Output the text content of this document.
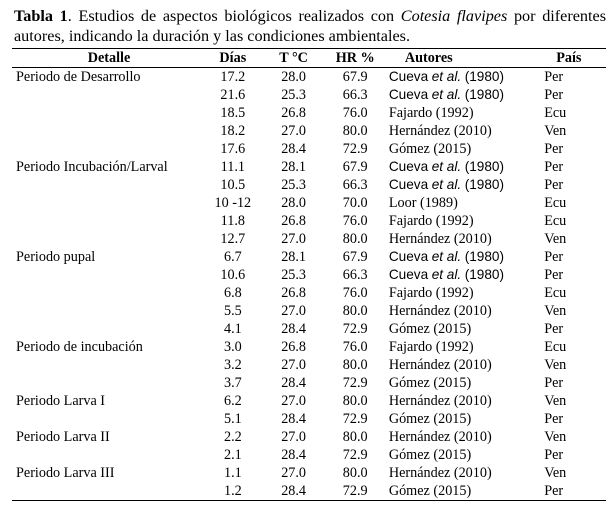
Tabla 1. Estudios de aspectos biológicos realizados con Cotesia flavipes por diferentes autores, indicando la duración y las condiciones ambientales.
Detalle	Días	T °C	HR %	Autores	País
Periodo de Desarrollo	17.2	28.0	67.9	Cueva et al. (1980)	Per
	21.6	25.3	66.3	Cueva et al. (1980)	Per
	18.5	26.8	76.0	Fajardo (1992)	Ecu
	18.2	27.0	80.0	Hernández (2010)	Ven
	17.6	28.4	72.9	Gómez (2015)	Per
Periodo Incubación/Larval	11.1	28.1	67.9	Cueva et al. (1980)	Per
	10.5	25.3	66.3	Cueva et al. (1980)	Per
	10 -12	28.0	70.0	Loor (1989)	Ecu
	11.8	26.8	76.0	Fajardo (1992)	Ecu
	12.7	27.0	80.0	Hernández (2010)	Ven
Periodo pupal	6.7	28.1	67.9	Cueva et al. (1980)	Per
	10.6	25.3	66.3	Cueva et al. (1980)	Per
	6.8	26.8	76.0	Fajardo (1992)	Ecu
	5.5	27.0	80.0	Hernández (2010)	Ven
	4.1	28.4	72.9	Gómez (2015)	Per
Periodo de incubación	3.0	26.8	76.0	Fajardo (1992)	Ecu
	3.2	27.0	80.0	Hernández (2010)	Ven
	3.7	28.4	72.9	Gómez (2015)	Per
Periodo Larva I	6.2	27.0	80.0	Hernández (2010)	Ven
	5.1	28.4	72.9	Gómez (2015)	Per
Periodo Larva II	2.2	27.0	80.0	Hernández (2010)	Ven
	2.1	28.4	72.9	Gómez (2015)	Per
Periodo Larva III	1.1	27.0	80.0	Hernández (2010)	Ven
	1.2	28.4	72.9	Gómez (2015)	Per
